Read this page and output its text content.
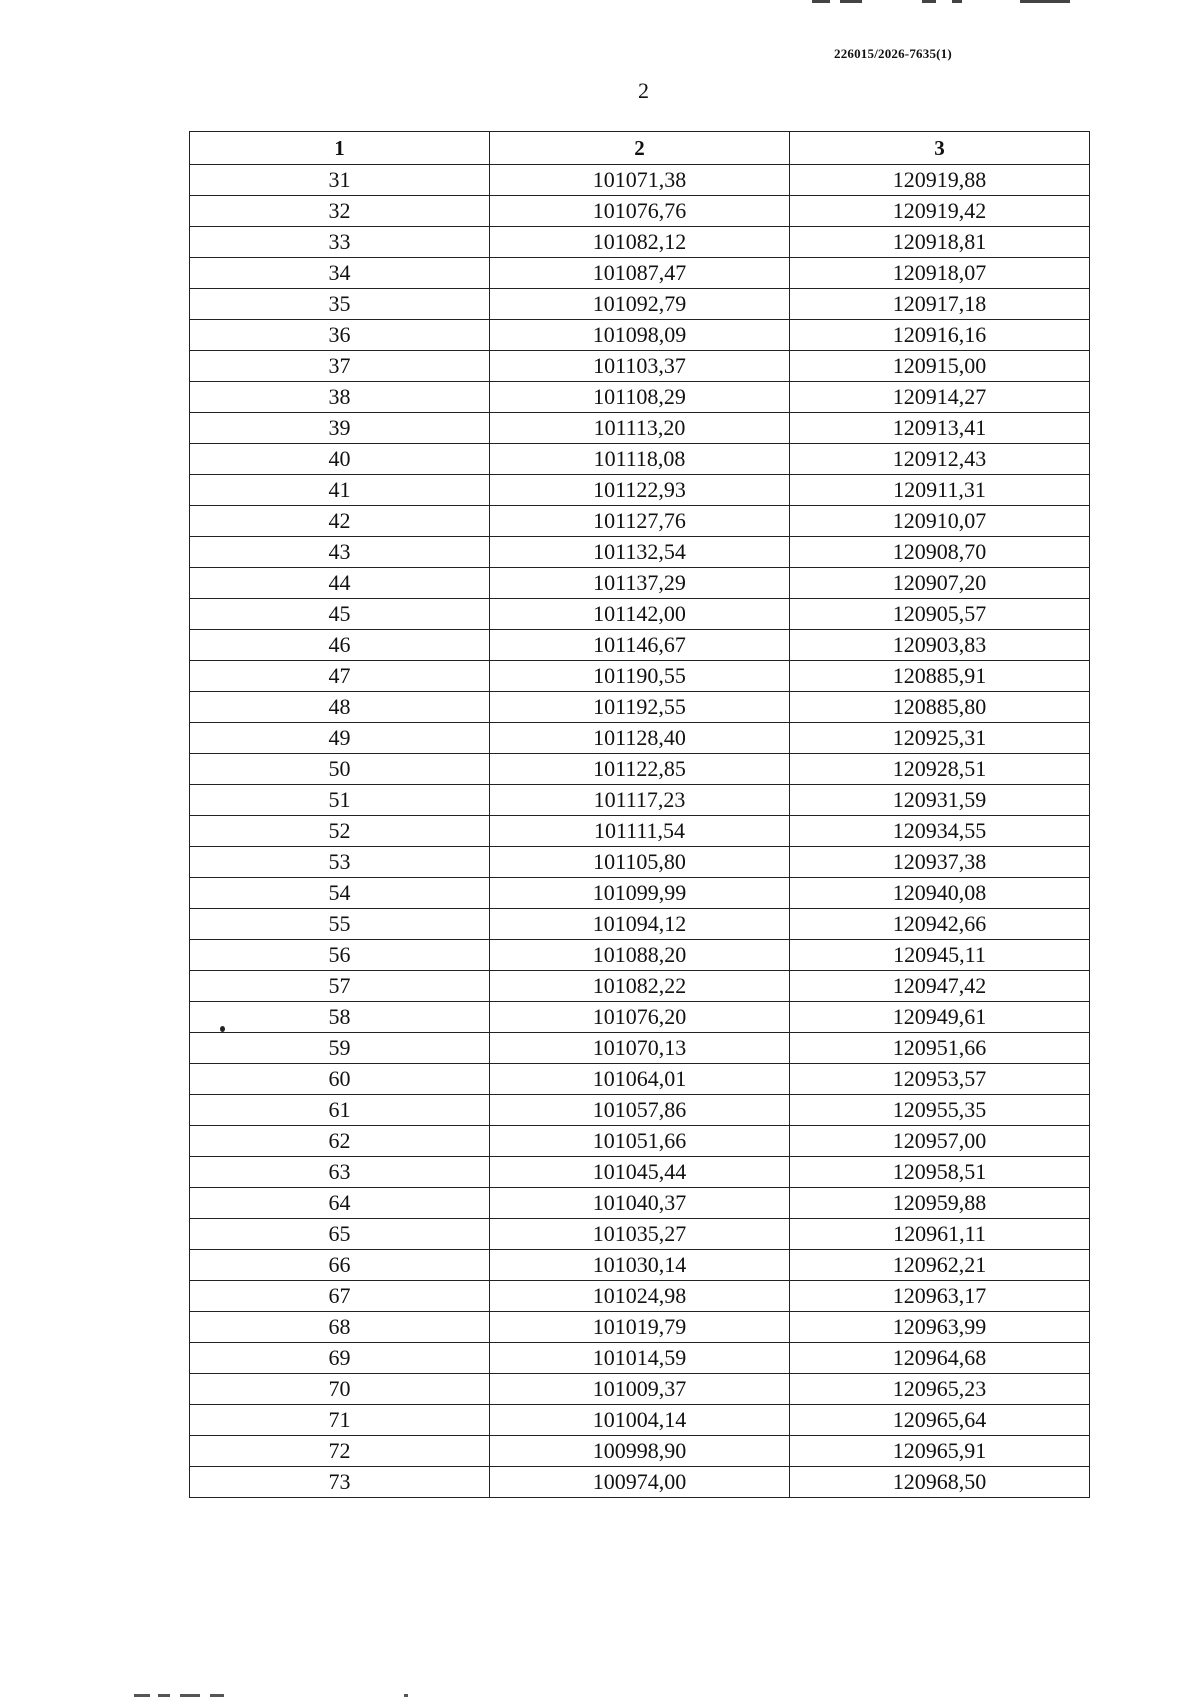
226015/2026-7635(1)
2
1	2	3
31	101071,38	120919,88
32	101076,76	120919,42
33	101082,12	120918,81
34	101087,47	120918,07
35	101092,79	120917,18
36	101098,09	120916,16
37	101103,37	120915,00
38	101108,29	120914,27
39	101113,20	120913,41
40	101118,08	120912,43
41	101122,93	120911,31
42	101127,76	120910,07
43	101132,54	120908,70
44	101137,29	120907,20
45	101142,00	120905,57
46	101146,67	120903,83
47	101190,55	120885,91
48	101192,55	120885,80
49	101128,40	120925,31
50	101122,85	120928,51
51	101117,23	120931,59
52	101111,54	120934,55
53	101105,80	120937,38
54	101099,99	120940,08
55	101094,12	120942,66
56	101088,20	120945,11
57	101082,22	120947,42
58	101076,20	120949,61
59	101070,13	120951,66
60	101064,01	120953,57
61	101057,86	120955,35
62	101051,66	120957,00
63	101045,44	120958,51
64	101040,37	120959,88
65	101035,27	120961,11
66	101030,14	120962,21
67	101024,98	120963,17
68	101019,79	120963,99
69	101014,59	120964,68
70	101009,37	120965,23
71	101004,14	120965,64
72	100998,90	120965,91
73	100974,00	120968,50
